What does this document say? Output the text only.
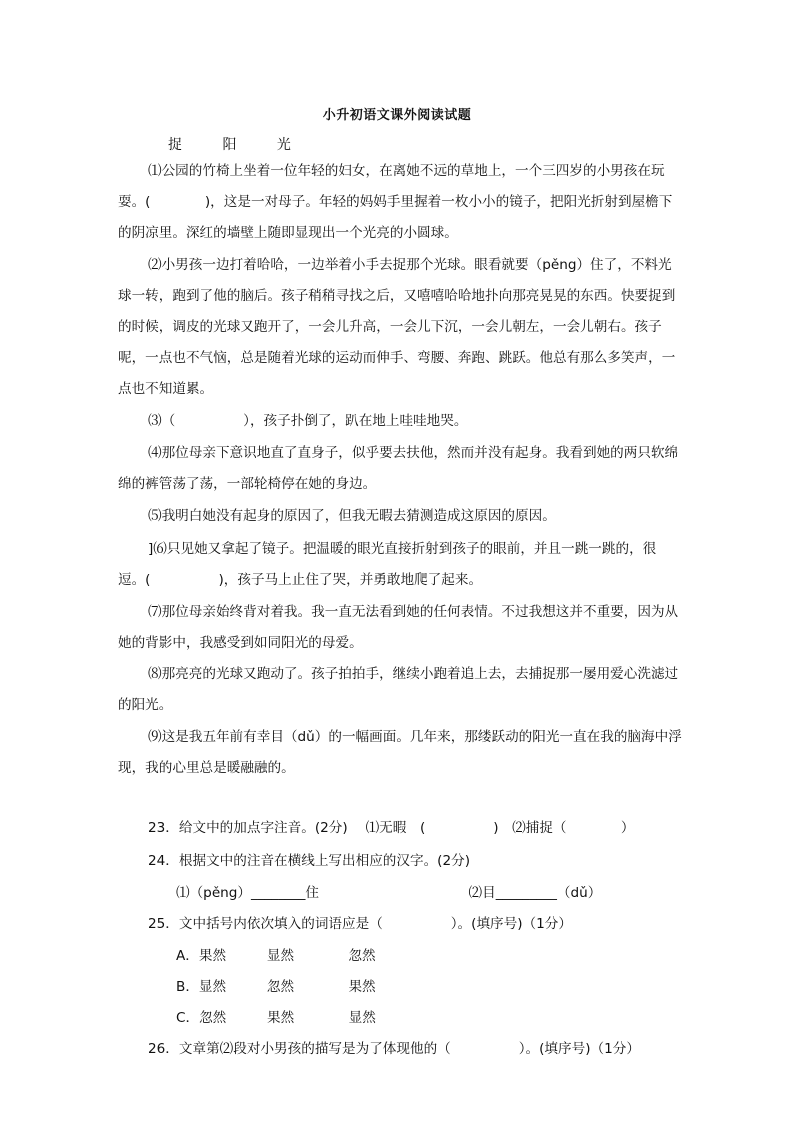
小升初语文课外阅读试题
捉 阳 光

⑴公园的竹椅上坐着一位年轻的妇女，在离她不远的草地上，一个三四岁的小男孩在玩耍。(　　　　)，这是一对母子。年轻的妈妈手里握着一枚小小的镜子，把阳光折射到屋檐下的阴凉里。深红的墙壁上随即显现出一个光亮的小圆球。

⑵小男孩一边打着哈哈，一边举着小手去捉那个光球。眼看就要（pěng）住了，不料光球一转，跑到了他的脑后。孩子稍稍寻找之后，又嘻嘻哈哈地扑向那亮晃晃的东西。快要捉到的时候，调皮的光球又跑开了，一会儿升高，一会儿下沉，一会儿朝左，一会儿朝右。孩子呢，一点也不气恼，总是随着光球的运动而伸手、弯腰、奔跑、跳跃。他总有那么多笑声，一点也不知道累。

⑶（　　　　　），孩子扑倒了，趴在地上哇哇地哭。

⑷那位母亲下意识地直了直身子，似乎要去扶他，然而并没有起身。我看到她的两只软绵绵的裤管荡了荡，一部轮椅停在她的身边。

⑸我明白她没有起身的原因了，但我无暇去猜测造成这原因的原因。

]⑹只见她又拿起了镜子。把温暖的眼光直接折射到孩子的眼前，并且一跳一跳的，很逗。(　　　　　)，孩子马上止住了哭，并勇敢地爬了起来。

⑺那位母亲始终背对着我。我一直无法看到她的任何表情。不过我想这并不重要，因为从她的背影中，我感受到如同阳光的母爱。

⑻那亮亮的光球又跑动了。孩子拍拍手，继续小跑着追上去，去捕捉那一屡用爱心洗滤过的阳光。

⑼这是我五年前有幸目（dǔ）的一幅画面。几年来，那缕跃动的阳光一直在我的脑海中浮现，我的心里总是暖融融的。

23．给文中的加点字注音。(2分)　 ⑴无暇　(　　　　　)　⑵捕捉（　　　　）
24．根据文中的注音在横线上写出相应的汉字。(2分)
⑴（pěng）________住　　　　　　　　　　　⑵目_________（dǔ）
25．文中括号内依次填入的词语应是（　　　　　）。(填序号)（1分）
A．果然　　　显然　　　　忽然
B．显然　　　忽然　　　　果然
C．忽然　　　果然　　　　显然
26．文章第⑵段对小男孩的描写是为了体现他的（　　　　　）。(填序号)（1分）
